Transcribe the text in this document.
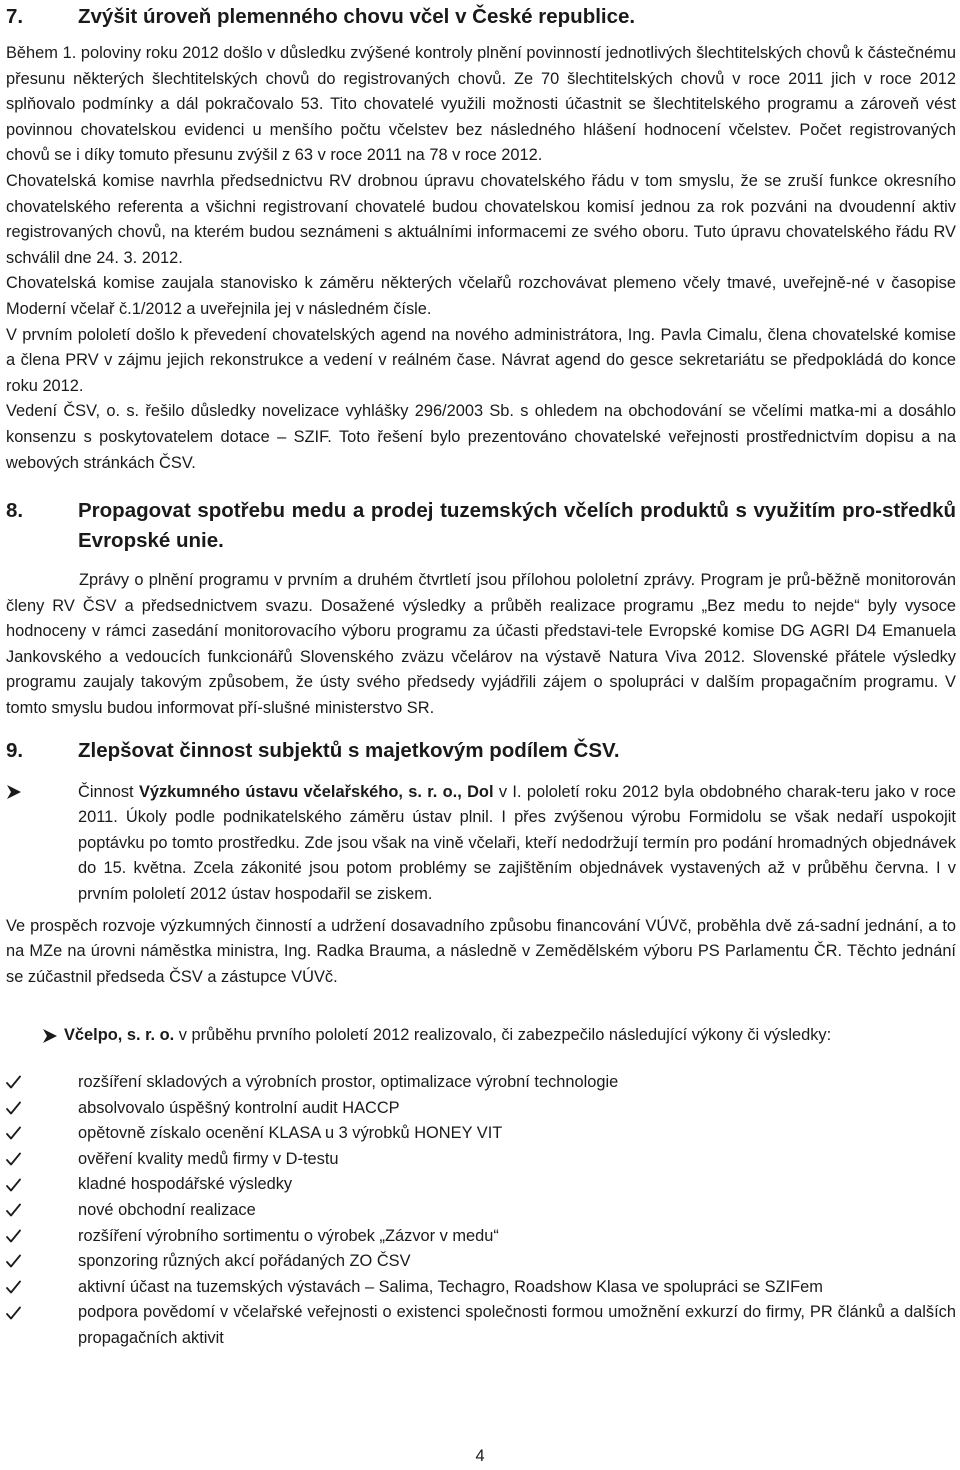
7.	Zvýšit úroveň plemenného chovu včel v České republice.

Během 1. poloviny roku 2012 došlo v důsledku zvýšené kontroly plnění povinností jednotlivých šlechtitelských chovů k částečnému přesunu některých šlechtitelských chovů do registrovaných chovů. Ze 70 šlechtitelských chovů v roce 2011 jich v roce 2012 splňovalo podmínky a dál pokračovalo 53. Tito chovatelé využili možnosti účastnit se šlechtitelského programu a zároveň vést povinnou chovatelskou evidenci u menšího počtu včelstev bez následného hlášení hodnocení včelstev. Počet registrovaných chovů se i díky tomuto přesunu zvýšil z 63 v roce 2011 na 78 v roce 2012.

Chovatelská komise navrhla předsednictvu RV drobnou úpravu chovatelského řádu v tom smyslu, že se zruší funkce okresního chovatelského referenta a všichni registrovaní chovatelé budou chovatelskou komisí jednou za rok pozváni na dvoudenní aktiv registrovaných chovů, na kterém budou seznámeni s aktuálními informacemi ze svého oboru. Tuto úpravu chovatelského řádu RV schválil dne 24. 3. 2012.

Chovatelská komise zaujala stanovisko k záměru některých včelařů rozchovávat plemeno včely tmavé, uveřejně-né v časopise Moderní včelař č.1/2012 a uveřejnila jej v následném čísle.

V prvním pololetí došlo k převedení chovatelských agend na nového administrátora, Ing. Pavla Cimalu, člena chovatelské komise a člena PRV v zájmu jejich rekonstrukce a vedení v reálném čase. Návrat agend do gesce sekretariátu se předpokládá do konce roku 2012.

Vedení ČSV, o. s. řešilo důsledky novelizace vyhlášky 296/2003 Sb. s ohledem na obchodování se včelími matka-mi a dosáhlo konsenzu s poskytovatelem dotace – SZIF. Toto řešení bylo prezentováno chovatelské veřejnosti prostřednictvím dopisu a na webových stránkách ČSV.

8.	Propagovat spotřebu medu a prodej tuzemských včelích produktů s využitím pro-středků Evropské unie.

Zprávy o plnění programu v prvním a druhém čtvrtletí jsou přílohou pololetní zprávy. Program je prů-běžně monitorován členy RV ČSV a předsednictvem svazu. Dosažené výsledky a průběh realizace programu „Bez medu to nejde“ byly vysoce hodnoceny v rámci zasedání monitorovacího výboru programu za účasti představi-tele Evropské komise DG AGRI D4 Emanuela Jankovského a vedoucích funkcionářů Slovenského zväzu včelárov na výstavě Natura Viva 2012. Slovenské přátele výsledky programu zaujaly takovým způsobem, že ústy svého předsedy vyjádřili zájem o spolupráci v dalším propagačním programu. V tomto smyslu budou informovat pří-slušné ministerstvo SR.

9.	Zlepšovat činnost subjektů s majetkovým podílem ČSV.
Činnost Výzkumného ústavu včelařského, s. r. o., Dol v I. pololetí roku 2012 byla obdobného charak-teru jako v roce 2011. Úkoly podle podnikatelského záměru ústav plnil. I přes zvýšenou výrobu Formidolu se však nedaří uspokojit poptávku po tomto prostředku. Zde jsou však na vině včelaři, kteří nedodržují termín pro podání hromadných objednávek do 15. května. Zcela zákonité jsou potom problémy se zajištěním objednávek vystavených až v průběhu června. I v prvním pololetí 2012 ústav hospodařil se ziskem.

Ve prospěch rozvoje výzkumných činností a udržení dosavadního způsobu financování VÚVč, proběhla dvě zá-sadní jednání, a to na MZe na úrovni náměstka ministra, Ing. Radka Brauma, a následně v Zemědělském výboru PS Parlamentu ČR. Těchto jednání se zúčastnil předseda ČSV a zástupce VÚVč.

Včelpo, s. r. o. v průběhu prvního pololetí 2012 realizovalo, či zabezpečilo následující výkony či výsledky:
rozšíření skladových a výrobních prostor, optimalizace výrobní technologie
absolvovalo úspěšný kontrolní audit HACCP
opětovně získalo ocenění KLASA u 3 výrobků HONEY VIT
ověření kvality medů firmy v D-testu
kladné hospodářské výsledky
nové obchodní realizace
rozšíření výrobního sortimentu o výrobek „Zázvor v medu“
sponzoring různých akcí pořádaných ZO ČSV
aktivní účast na tuzemských výstavách – Salima, Techagro, Roadshow Klasa ve spolupráci se SZIFem
podpora povědomí v včelařské veřejnosti o existenci společnosti formou umožnění exkurzí do firmy, PR článků a dalších propagačních aktivit
4
